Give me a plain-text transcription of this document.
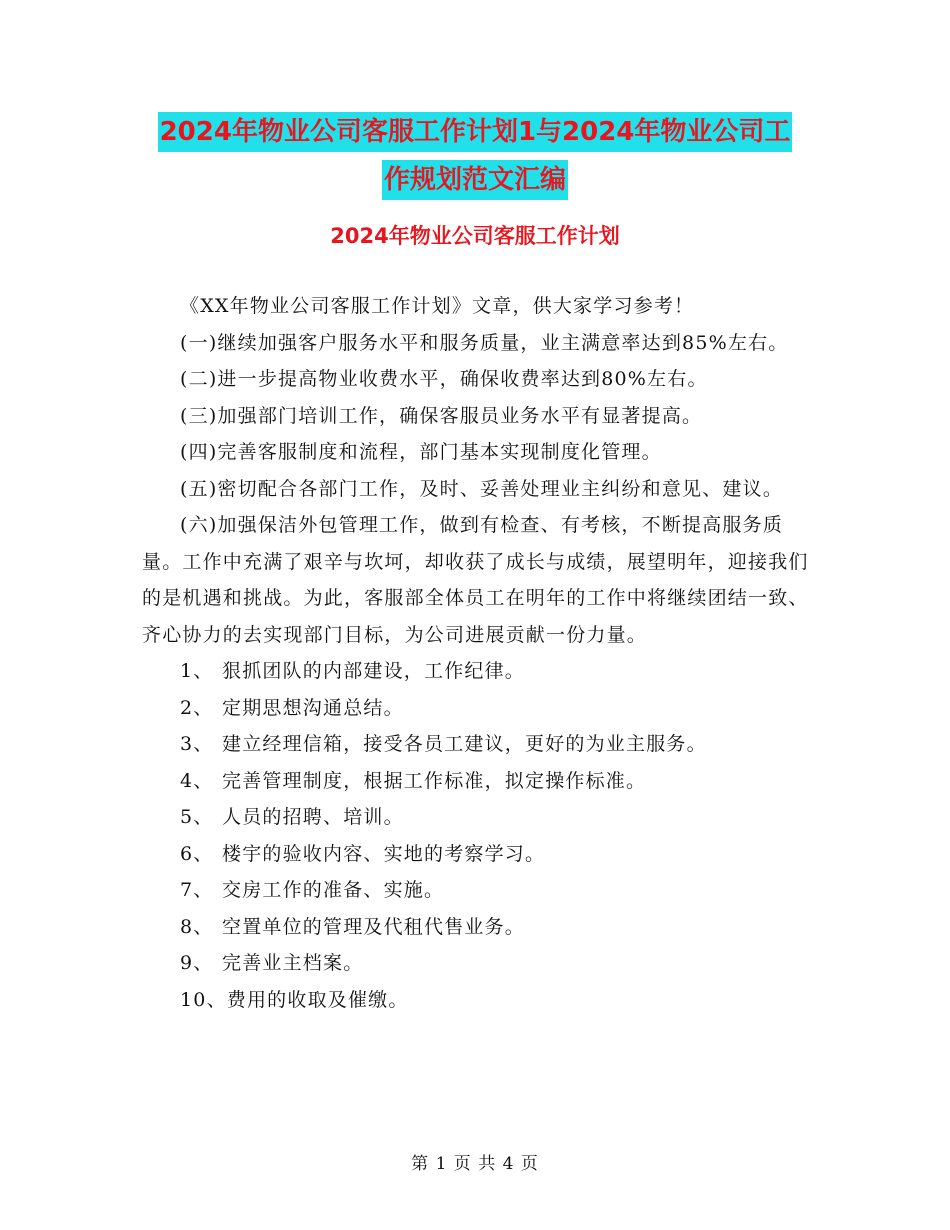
2024年物业公司客服工作计划1与2024年物业公司工
作规划范文汇编
2024年物业公司客服工作计划

《XX年物业公司客服工作计划》文章，供大家学习参考！

(一)继续加强客户服务水平和服务质量，业主满意率达到85%左右。

(二)进一步提高物业收费水平，确保收费率达到80%左右。

(三)加强部门培训工作，确保客服员业务水平有显著提高。

(四)完善客服制度和流程，部门基本实现制度化管理。

(五)密切配合各部门工作，及时、妥善处理业主纠纷和意见、建议。

(六)加强保洁外包管理工作，做到有检查、有考核，不断提高服务质量。工作中充满了艰辛与坎坷，却收获了成长与成绩，展望明年，迎接我们的是机遇和挑战。为此，客服部全体员工在明年的工作中将继续团结一致、齐心协力的去实现部门目标，为公司进展贡献一份力量。

1、 狠抓团队的内部建设，工作纪律。
2、 定期思想沟通总结。
3、 建立经理信箱，接受各员工建议，更好的为业主服务。
4、 完善管理制度，根据工作标准，拟定操作标准。
5、 人员的招聘、培训。
6、 楼宇的验收内容、实地的考察学习。
7、 交房工作的准备、实施。
8、 空置单位的管理及代租代售业务。
9、 完善业主档案。
10、费用的收取及催缴。
第 1 页 共 4 页
